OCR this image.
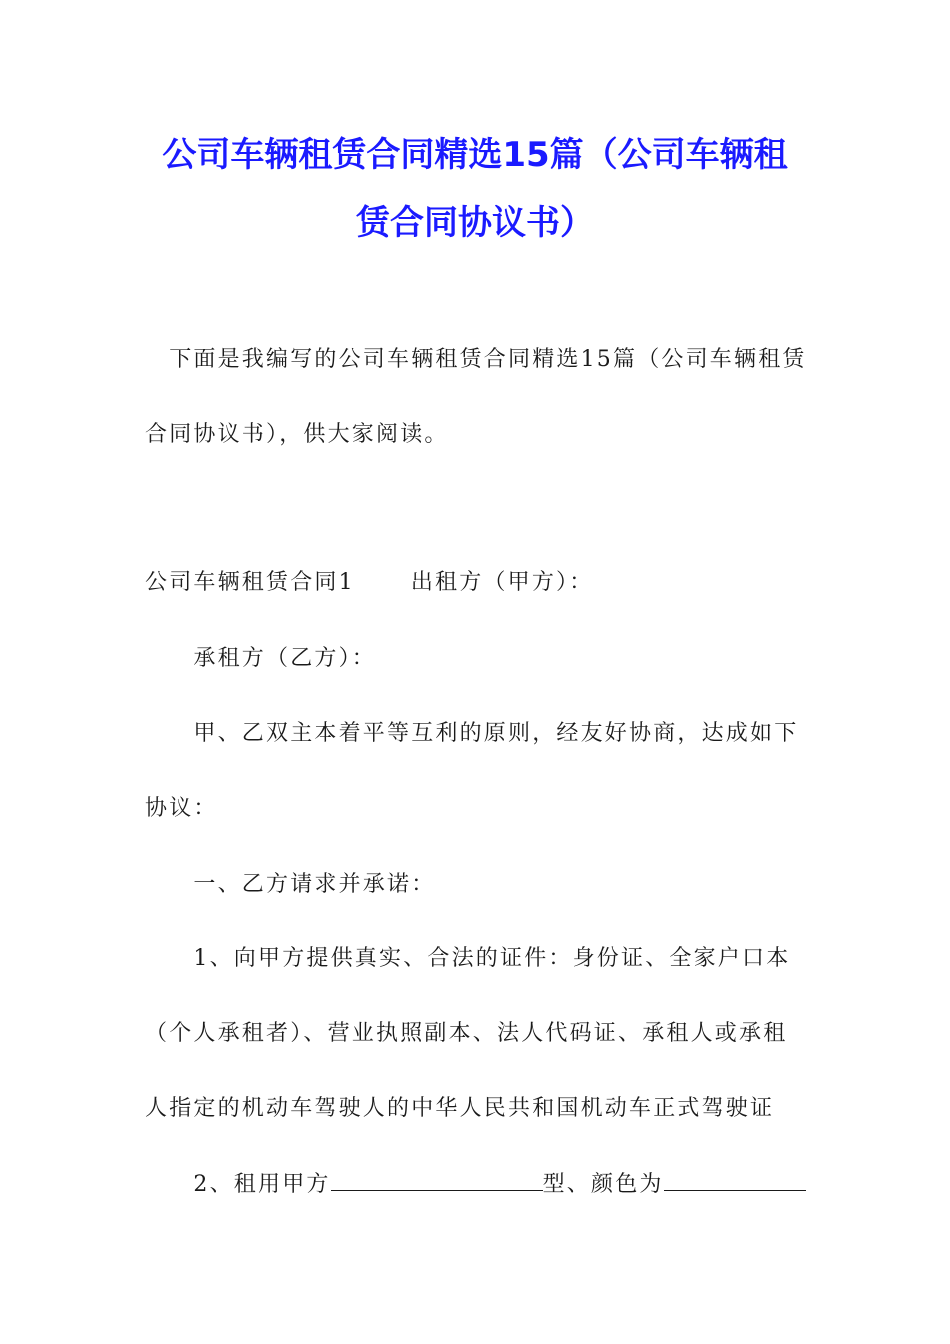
公司车辆租赁合同精选15篇（公司车辆租
赁合同协议书）
　下面是我编写的公司车辆租赁合同精选15篇（公司车辆租赁
合同协议书），供大家阅读。
公司车辆租赁合同1	出租方（甲方）：
　　承租方（乙方）：
　　甲、乙双主本着平等互利的原则，经友好协商，达成如下
协议：
　　一、乙方请求并承诺：
　　1、向甲方提供真实、合法的证件：身份证、全家户口本
（个人承租者）、营业执照副本、法人代码证、承租人或承租
人指定的机动车驾驶人的中华人民共和国机动车正式驾驶证
　　2、租用甲方	型、颜色为
